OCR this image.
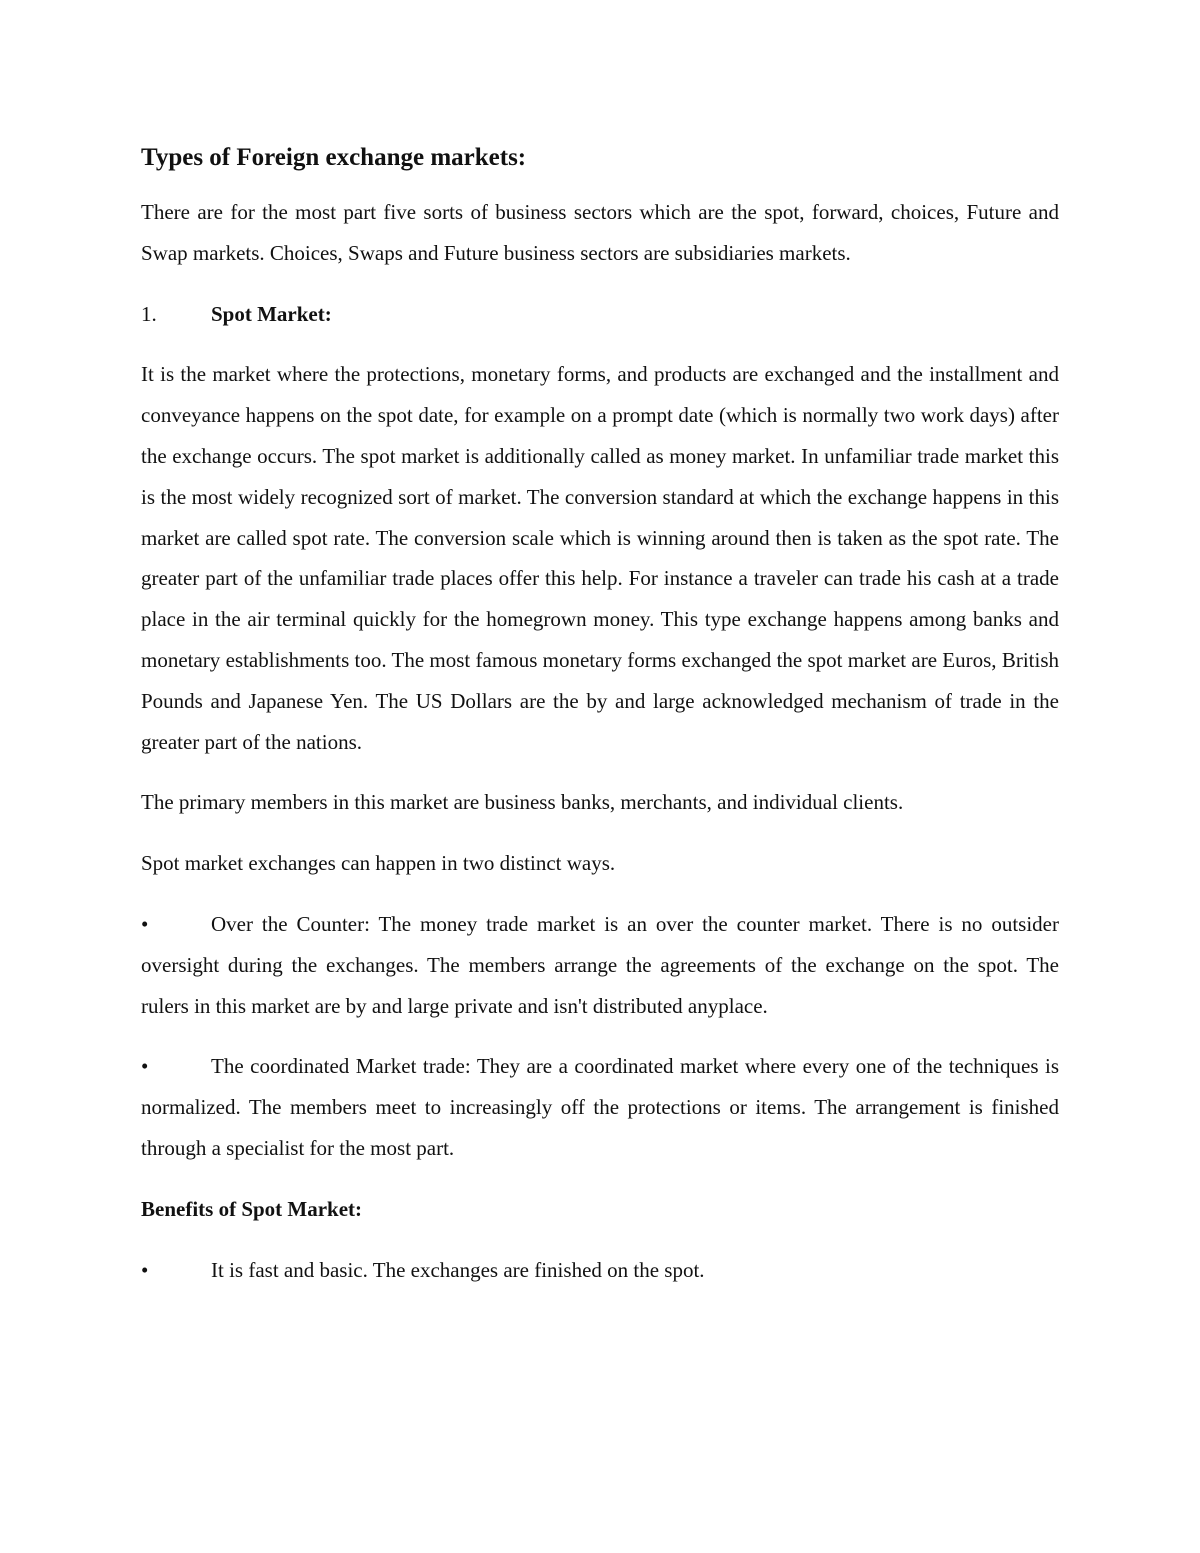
Types of Foreign exchange markets:

There are for the most part five sorts of business sectors which are the spot, forward, choices, Future and Swap markets. Choices, Swaps and Future business sectors are subsidiaries markets.

1.	Spot Market:

It is the market where the protections, monetary forms, and products are exchanged and the installment and conveyance happens on the spot date, for example on a prompt date (which is normally two work days) after the exchange occurs. The spot market is additionally called as money market. In unfamiliar trade market this is the most widely recognized sort of market. The conversion standard at which the exchange happens in this market are called spot rate. The conversion scale which is winning around then is taken as the spot rate. The greater part of the unfamiliar trade places offer this help. For instance a traveler can trade his cash at a trade place in the air terminal quickly for the homegrown money. This type exchange happens among banks and monetary establishments too. The most famous monetary forms exchanged the spot market are Euros, British Pounds and Japanese Yen. The US Dollars are the by and large acknowledged mechanism of trade in the greater part of the nations.

The primary members in this market are business banks, merchants, and individual clients.

Spot market exchanges can happen in two distinct ways.

•	Over the Counter: The money trade market is an over the counter market. There is no outsider oversight during the exchanges. The members arrange the agreements of the exchange on the spot. The rulers in this market are by and large private and isn't distributed anyplace.

•	The coordinated Market trade: They are a coordinated market where every one of the techniques is normalized. The members meet to increasingly off the protections or items. The arrangement is finished through a specialist for the most part.

Benefits of Spot Market:

•	It is fast and basic. The exchanges are finished on the spot.
